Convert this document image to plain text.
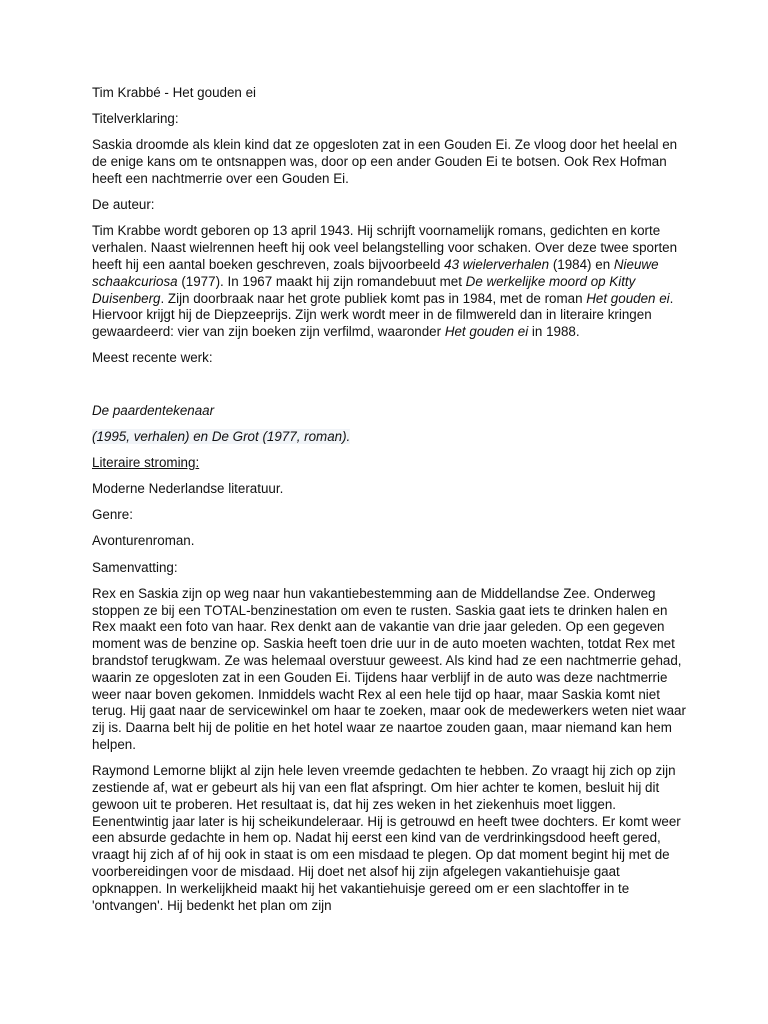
Tim Krabbé - Het gouden ei

Titelverklaring:

Saskia droomde als klein kind dat ze opgesloten zat in een Gouden Ei. Ze vloog door het heelal en de enige kans om te ontsnappen was, door op een ander Gouden Ei te botsen. Ook Rex Hofman heeft een nachtmerrie over een Gouden Ei.

De auteur:

Tim Krabbe wordt geboren op 13 april 1943. Hij schrijft voornamelijk romans, gedichten en korte verhalen. Naast wielrennen heeft hij ook veel belangstelling voor schaken. Over deze twee sporten heeft hij een aantal boeken geschreven, zoals bijvoorbeeld 43 wielerverhalen (1984) en Nieuwe schaakcuriosa (1977). In 1967 maakt hij zijn romandebuut met De werkelijke moord op Kitty Duisenberg. Zijn doorbraak naar het grote publiek komt pas in 1984, met de roman Het gouden ei. Hiervoor krijgt hij de Diepzeeprijs. Zijn werk wordt meer in de filmwereld dan in literaire kringen gewaardeerd: vier van zijn boeken zijn verfilmd, waaronder Het gouden ei in 1988.

Meest recente werk:

De paardentekenaar

(1995, verhalen) en De Grot (1977, roman).

Literaire stroming:

Moderne Nederlandse literatuur.

Genre:

Avonturenroman.

Samenvatting:

Rex en Saskia zijn op weg naar hun vakantiebestemming aan de Middellandse Zee. Onderweg stoppen ze bij een TOTAL-benzinestation om even te rusten. Saskia gaat iets te drinken halen en Rex maakt een foto van haar. Rex denkt aan de vakantie van drie jaar geleden. Op een gegeven moment was de benzine op. Saskia heeft toen drie uur in de auto moeten wachten, totdat Rex met brandstof terugkwam. Ze was helemaal overstuur geweest. Als kind had ze een nachtmerrie gehad, waarin ze opgesloten zat in een Gouden Ei. Tijdens haar verblijf in de auto was deze nachtmerrie weer naar boven gekomen. Inmiddels wacht Rex al een hele tijd op haar, maar Saskia komt niet terug. Hij gaat naar de servicewinkel om haar te zoeken, maar ook de medewerkers weten niet waar zij is. Daarna belt hij de politie en het hotel waar ze naartoe zouden gaan, maar niemand kan hem helpen.

Raymond Lemorne blijkt al zijn hele leven vreemde gedachten te hebben. Zo vraagt hij zich op zijn zestiende af, wat er gebeurt als hij van een flat afspringt. Om hier achter te komen, besluit hij dit gewoon uit te proberen. Het resultaat is, dat hij zes weken in het ziekenhuis moet liggen. Eenentwintig jaar later is hij scheikundeleraar. Hij is getrouwd en heeft twee dochters. Er komt weer een absurde gedachte in hem op. Nadat hij eerst een kind van de verdrinkingsdood heeft gered, vraagt hij zich af of hij ook in staat is om een misdaad te plegen. Op dat moment begint hij met de voorbereidingen voor de misdaad. Hij doet net alsof hij zijn afgelegen vakantiehuisje gaat opknappen. In werkelijkheid maakt hij het vakantiehuisje gereed om er een slachtoffer in te 'ontvangen'. Hij bedenkt het plan om zijn
